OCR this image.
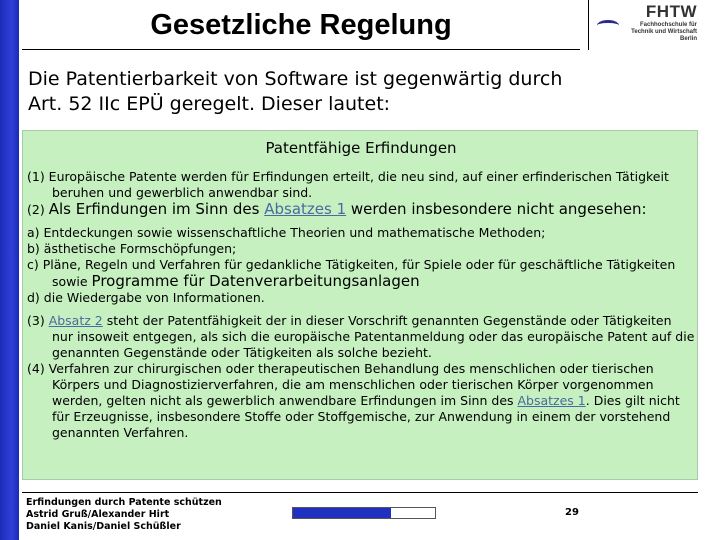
Gesetzliche Regelung	FHTW
Fachhochschule für
Technik und Wirtschaft
Berlin
Die Patentierbarkeit von Software ist gegenwärtig durch
Art. 52 IIc EPÜ geregelt. Dieser lautet:
Patentfähige Erfindungen

(1) Europäische Patente werden für Erfindungen erteilt, die neu sind, auf einer erfinderischen Tätigkeit beruhen und gewerblich anwendbar sind.

(2) Als Erfindungen im Sinn des Absatzes 1 werden insbesondere nicht angesehen:

a) Entdeckungen sowie wissenschaftliche Theorien und mathematische Methoden;

b) ästhetische Formschöpfungen;

c) Pläne, Regeln und Verfahren für gedankliche Tätigkeiten, für Spiele oder für geschäftliche Tätigkeiten sowie Programme für Datenverarbeitungsanlagen

d) die Wiedergabe von Informationen.

(3) Absatz 2 steht der Patentfähigkeit der in dieser Vorschrift genannten Gegenstände oder Tätigkeiten nur insoweit entgegen, als sich die europäische Patentanmeldung oder das europäische Patent auf die genannten Gegenstände oder Tätigkeiten als solche bezieht.

(4) Verfahren zur chirurgischen oder therapeutischen Behandlung des menschlichen oder tierischen Körpers und Diagnostizierverfahren, die am menschlichen oder tierischen Körper vorgenommen werden, gelten nicht als gewerblich anwendbare Erfindungen im Sinn des Absatzes 1. Dies gilt nicht für Erzeugnisse, insbesondere Stoffe oder Stoffgemische, zur Anwendung in einem der vorstehend genannten Verfahren.

Erfindungen durch Patente schützen
Astrid Gruß/Alexander Hirt
Daniel Kanis/Daniel Schüßler
29
